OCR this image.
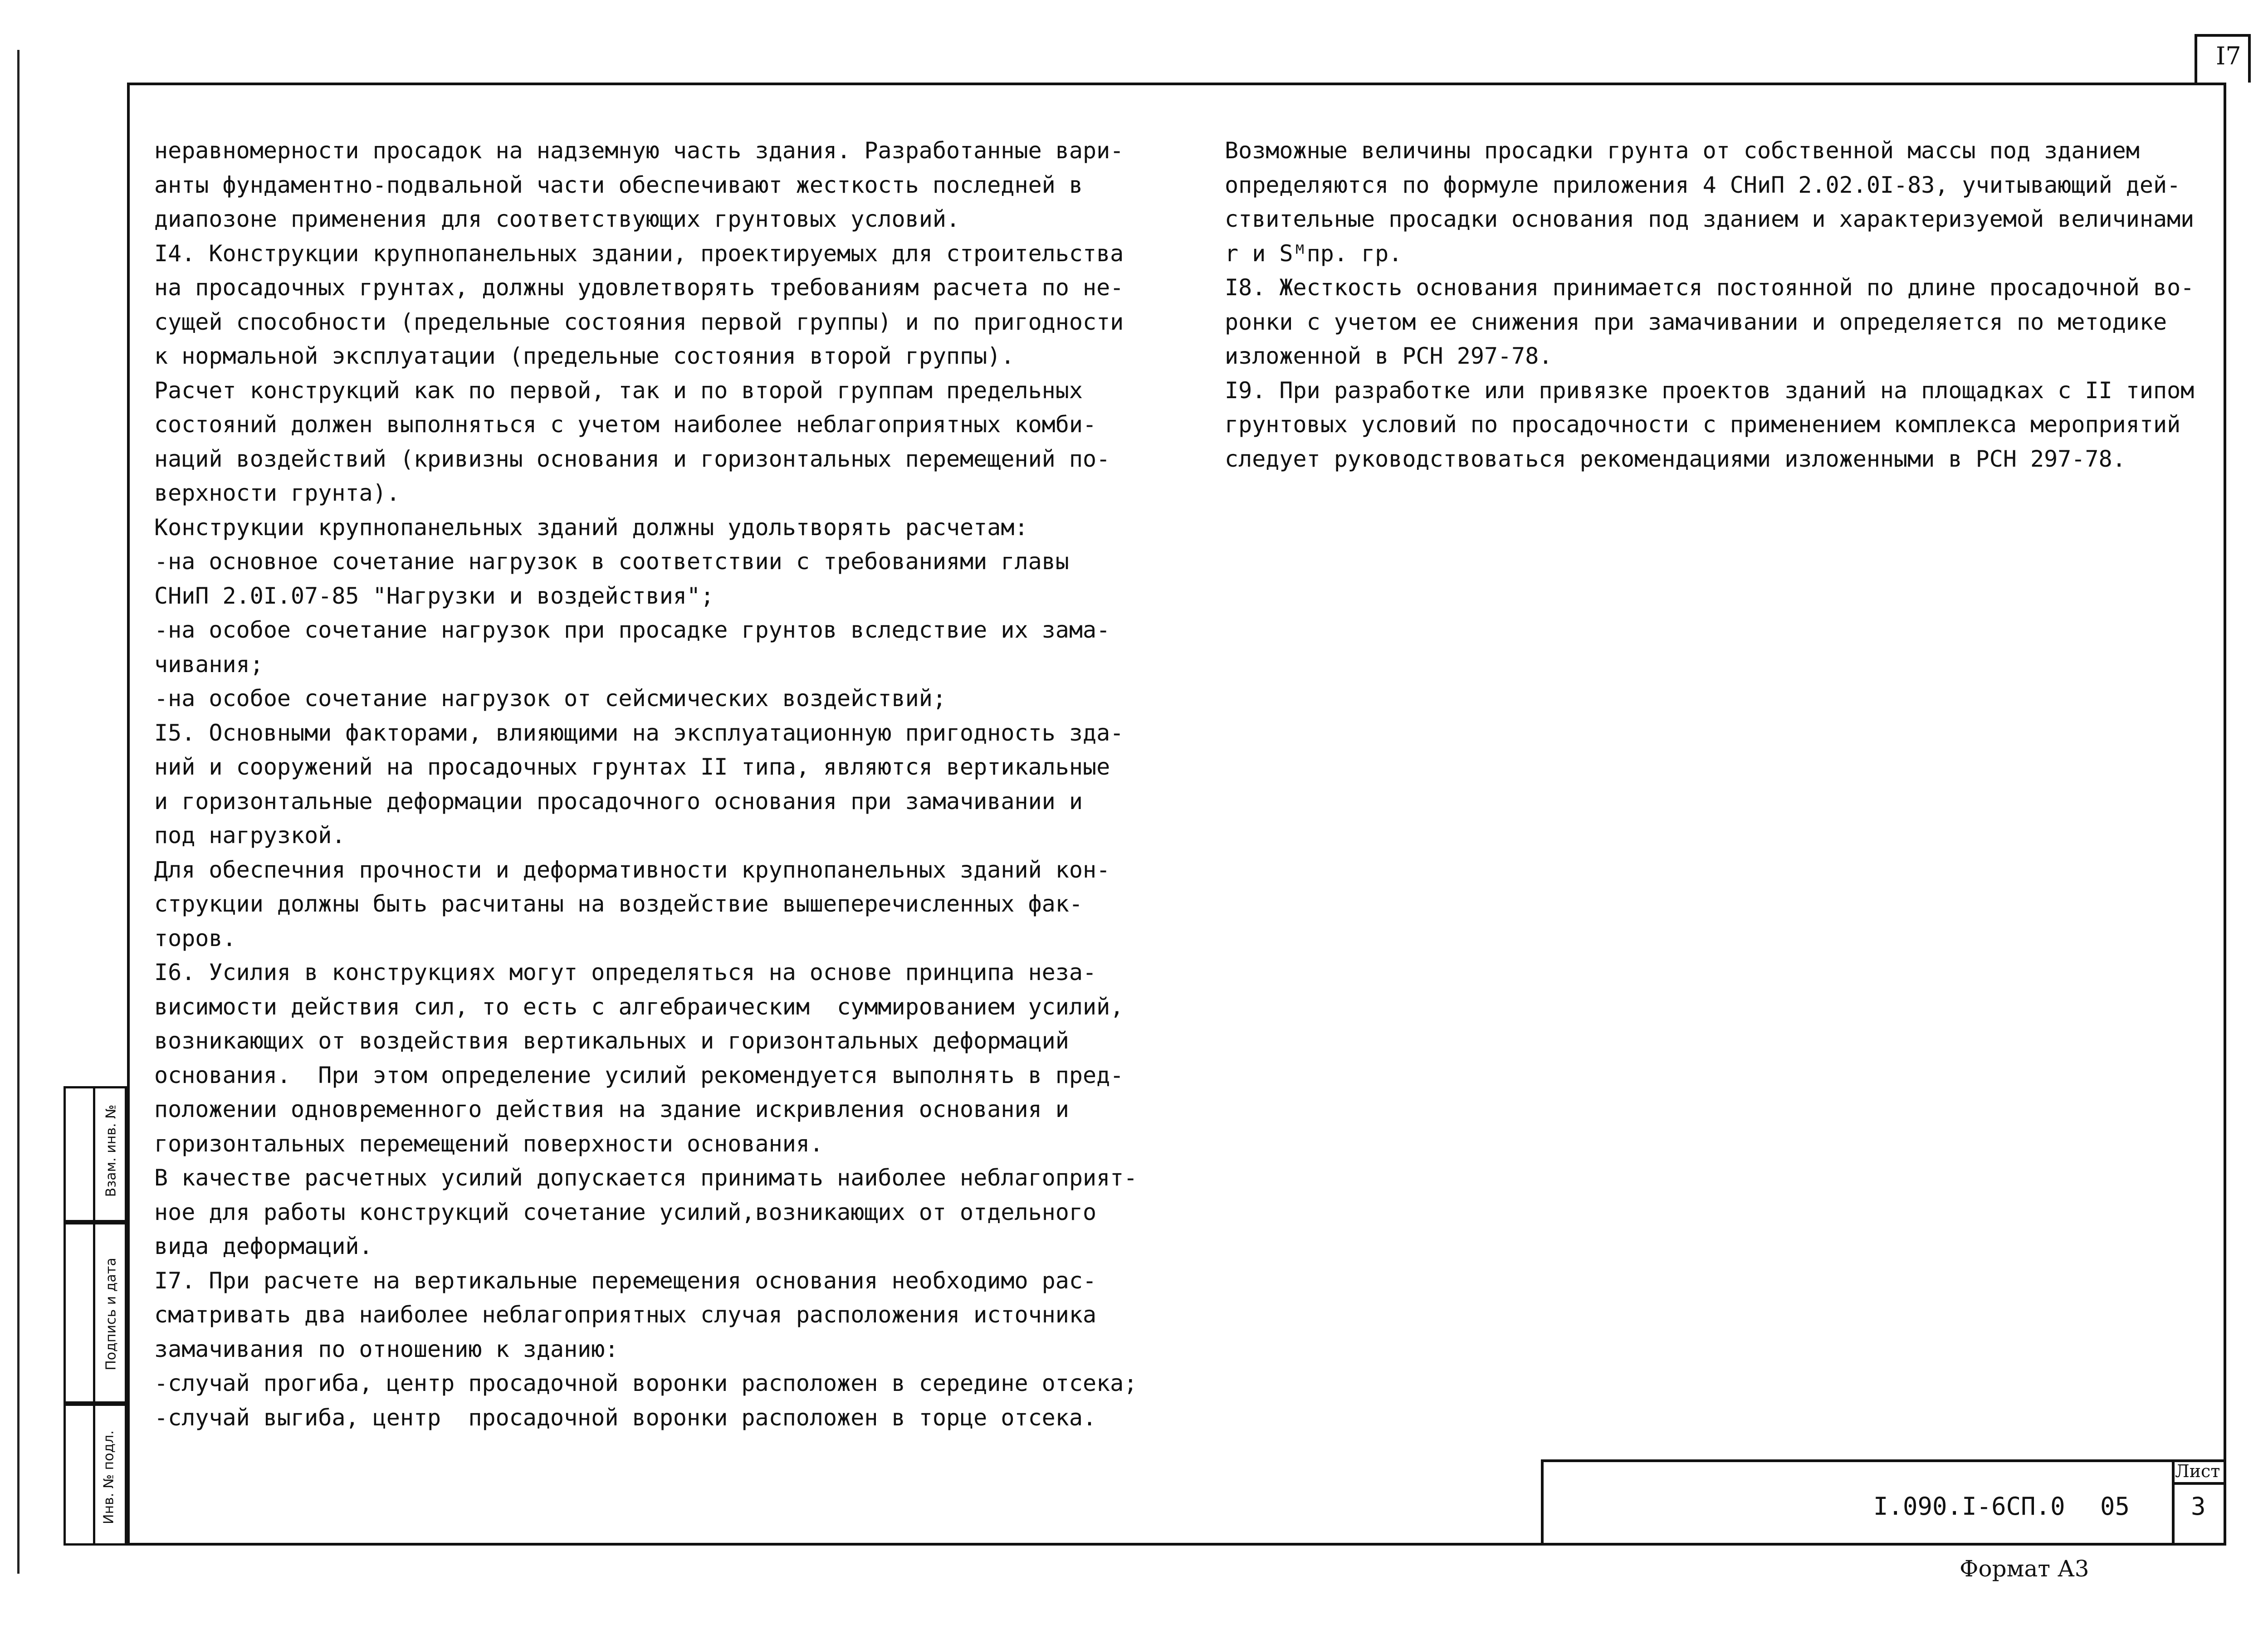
I7
неравномерности просадок на надземную часть здания. Разработанные вари-
анты фундаментно-подвальной части обеспечивают жесткость последней в
диапозоне применения для соответствующих грунтовых условий.
I4. Конструкции крупнопанельных здании, проектируемых для строительства
на просадочных грунтах, должны удовлетворять требованиям расчета по не-
сущей способности (предельные состояния первой группы) и по пригодности
к нормальной эксплуатации (предельные состояния второй группы).
Расчет конструкций как по первой, так и по второй группам предельных
состояний должен выполняться с учетом наиболее неблагоприятных комби-
наций воздействий (кривизны основания и горизонтальных перемещений по-
верхности грунта).
Конструкции крупнопанельных зданий должны удольтворять расчетам:
-на основное сочетание нагрузок в соответствии с требованиями главы
СНиП 2.0I.07-85 "Нагрузки и воздействия";
-на особое сочетание нагрузок при просадке грунтов вследствие их зама-
чивания;
-на особое сочетание нагрузок от сейсмических воздействий;
I5. Основными факторами, влияющими на эксплуатационную пригодность зда-
ний и сооружений на просадочных грунтах II типа, являются вертикальные
и горизонтальные деформации просадочного основания при замачивании и
под нагрузкой.
Для обеспечния прочности и деформативности крупнопанельных зданий кон-
струкции должны быть расчитаны на воздействие вышеперечисленных фак-
торов.
I6. Усилия в конструкциях могут определяться на основе принципа неза-
висимости действия сил, то есть с алгебраическим  суммированием усилий,
возникающих от воздействия вертикальных и горизонтальных деформаций
основания.  При этом определение усилий рекомендуется выполнять в пред-
положении одновременного действия на здание искривления основания и
горизонтальных перемещений поверхности основания.
В качестве расчетных усилий допускается принимать наиболее неблагоприят-
ное для работы конструкций сочетание усилий,возникающих от отдельного
вида деформаций.
I7. При расчете на вертикальные перемещения основания необходимо рас-
сматривать два наиболее неблагоприятных случая расположения источника
замачивания по отношению к зданию:
-случай прогиба, центр просадочной воронки расположен в середине отсека;
-случай выгиба, центр  просадочной воронки расположен в торце отсека.
Возможные величины просадки грунта от собственной массы под зданием
определяются по формуле приложения 4 СНиП 2.02.0I-83, учитывающий дей-
ствительные просадки основания под зданием и характеризуемой величинами
r и Sᴹпр. гр.
I8. Жесткость основания принимается постоянной по длине просадочной во-
ронки с учетом ее снижения при замачивании и определяется по методике
изложенной в РСН 297-78.
I9. При разработке или привязке проектов зданий на площадках с II типом
грунтовых условий по просадочности с применением комплекса мероприятий
следует руководствоваться рекомендациями изложенными в РСН 297-78.
Взам. инв. №
Подпись и дата
Инв. № подл.	Лист
3
I.090.I-6СП.0 05
Формат А3
